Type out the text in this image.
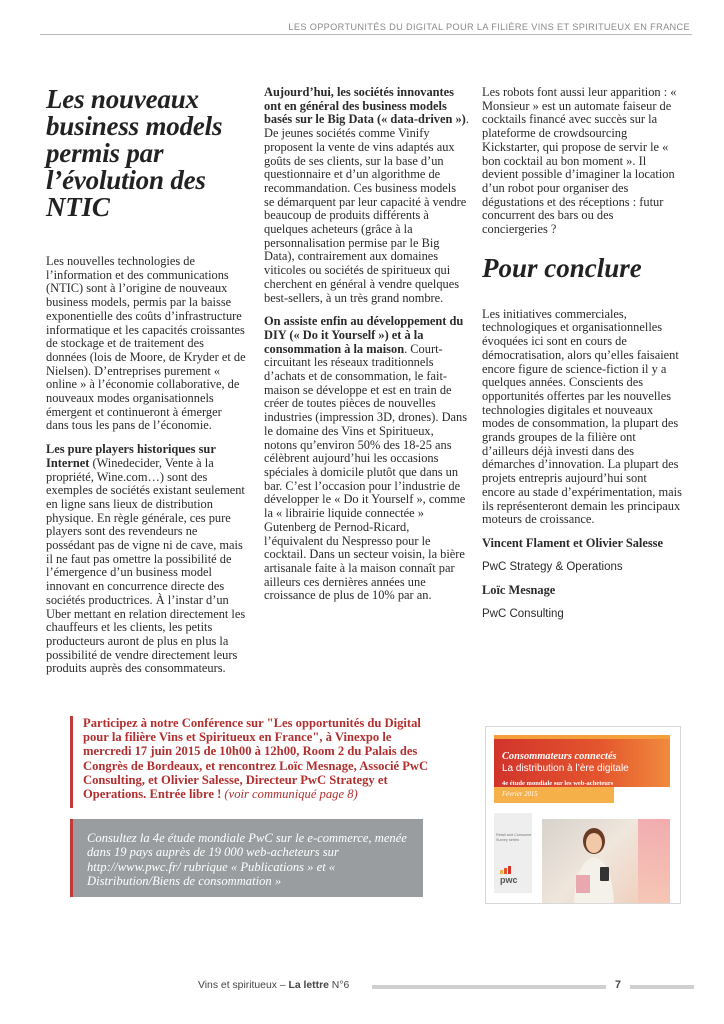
LES OPPORTUNITÉS DU DIGITAL POUR LA FILIÈRE VINS ET SPIRITUEUX EN FRANCE
Les nouveaux business models permis par l’évolution des NTIC

Les nouvelles technologies de l’information et des communications (NTIC) sont à l’origine de nouveaux business models, permis par la baisse exponentielle des coûts d’infrastructure informatique et les capacités croissantes de stockage et de traitement des données (lois de Moore, de Kryder et de Nielsen). D’entreprises purement « online » à l’économie collaborative, de nouveaux modes organisationnels émergent et continueront à émerger dans tous les pans de l’économie.

Les pure players historiques sur Internet (Winedecider, Vente à la propriété, Wine.com…) sont des exemples de sociétés existant seulement en ligne sans lieux de distribution physique. En règle générale, ces pure players sont des revendeurs ne possédant pas de vigne ni de cave, mais il ne faut pas omettre la possibilité de l’émergence d’un business model innovant en concurrence directe des sociétés productrices. À l’instar d’un Uber mettant en relation directement les chauffeurs et les clients, les petits producteurs auront de plus en plus la possibilité de vendre directement leurs produits auprès des consommateurs.

Aujourd’hui, les sociétés innovantes ont en général des business models basés sur le Big Data (« data-driven »). De jeunes sociétés comme Vinify proposent la vente de vins adaptés aux goûts de ses clients, sur la base d’un questionnaire et d’un algorithme de recommandation. Ces business models se démarquent par leur capacité à vendre beaucoup de produits différents à quelques acheteurs (grâce à la personnalisation permise par le Big Data), contrairement aux domaines viticoles ou sociétés de spiritueux qui cherchent en général à vendre quelques best-sellers, à un très grand nombre.

On assiste enfin au développement du DIY (« Do it Yourself ») et à la consommation à la maison. Court-circuitant les réseaux traditionnels d’achats et de consommation, le fait-maison se développe et est en train de créer de toutes pièces de nouvelles industries (impression 3D, drones). Dans le domaine des Vins et Spiritueux, notons qu’environ 50% des 18-25 ans célèbrent aujourd’hui les occasions spéciales à domicile plutôt que dans un bar. C’est l’occasion pour l’industrie de développer le « Do it Yourself », comme la « librairie liquide connectée » Gutenberg de Pernod-Ricard, l’équivalent du Nespresso pour le cocktail. Dans un secteur voisin, la bière artisanale faite à la maison connaît par ailleurs ces dernières années une croissance de plus de 10% par an.

Les robots font aussi leur apparition : « Monsieur » est un automate faiseur de cocktails financé avec succès sur la plateforme de crowdsourcing Kickstarter, qui propose de servir le « bon cocktail au bon moment ». Il devient possible d’imaginer la location d’un robot pour organiser des dégustations et des réceptions : futur concurrent des bars ou des conciergeries ?

Pour conclure

Les initiatives commerciales, technologiques et organisationnelles évoquées ici sont en cours de démocratisation, alors qu’elles faisaient encore figure de science-fiction il y a quelques années. Conscients des opportunités offertes par les nouvelles technologies digitales et nouveaux modes de consommation, la plupart des grands groupes de la filière ont d’ailleurs déjà investi dans des démarches d’innovation. La plupart des projets entrepris aujourd’hui sont encore au stade d’expérimentation, mais ils représenteront demain les principaux moteurs de croissance.

Vincent Flament et Olivier Salesse

PwC Strategy & Operations

Loïc Mesnage

PwC Consulting

Participez à notre Conférence sur "Les opportunités du Digital pour la filière Vins et Spiritueux en France", à Vinexpo le mercredi 17 juin 2015 de 10h00 à 12h00, Room 2 du Palais des Congrès de Bordeaux, et rencontrez Loïc Mesnage, Associé PwC Consulting, et Olivier Salesse, Directeur PwC Strategy et Operations. Entrée libre ! (voir communiqué page 8)
Consultez la 4e étude mondiale PwC sur le e-commerce, menée dans 19 pays auprès de 19 000 web-acheteurs sur http://www.pwc.fr/ rubrique « Publications » et « Distribution/Biens de consommation »
Consommateurs connectés
La distribution à l’ère digitale
4e étude mondiale sur les web-acheteurs
Février 2015
Retail and Consumer Survey series
pwc
Vins et spiritueux – La lettre N°6	7
